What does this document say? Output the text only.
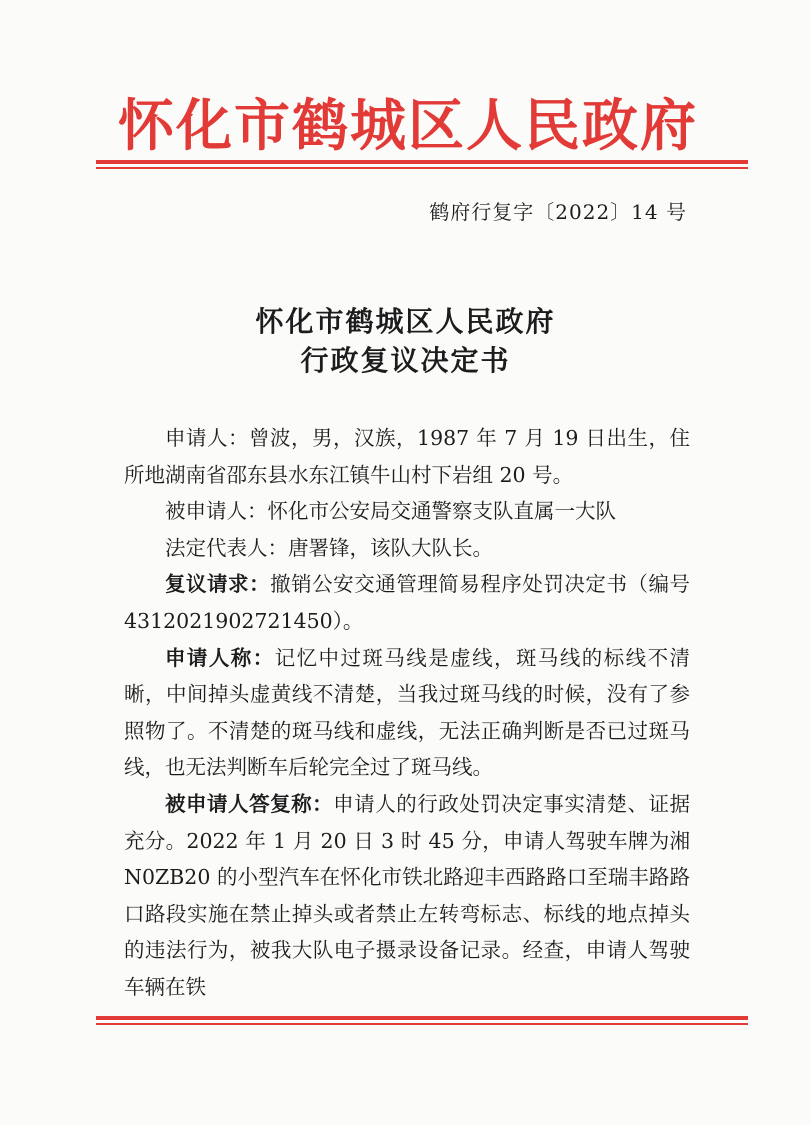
怀化市鹤城区人民政府
鹤府行复字〔2022〕14 号
怀化市鹤城区人民政府
行政复议决定书

申请人：曾波，男，汉族，1987 年 7 月 19 日出生，住所地湖南省邵东县水东江镇牛山村下岩组 20 号。

被申请人：怀化市公安局交通警察支队直属一大队

法定代表人：唐署锋，该队大队长。

复议请求：撤销公安交通管理简易程序处罚决定书（编号4312021902721450）。

申请人称：记忆中过斑马线是虚线，斑马线的标线不清晰，中间掉头虚黄线不清楚，当我过斑马线的时候，没有了参照物了。不清楚的斑马线和虚线，无法正确判断是否已过斑马线，也无法判断车后轮完全过了斑马线。

被申请人答复称：申请人的行政处罚决定事实清楚、证据充分。2022 年 1 月 20 日 3 时 45 分，申请人驾驶车牌为湘 N0ZB20 的小型汽车在怀化市铁北路迎丰西路路口至瑞丰路路口路段实施在禁止掉头或者禁止左转弯标志、标线的地点掉头的违法行为，被我大队电子摄录设备记录。经查，申请人驾驶车辆在铁
